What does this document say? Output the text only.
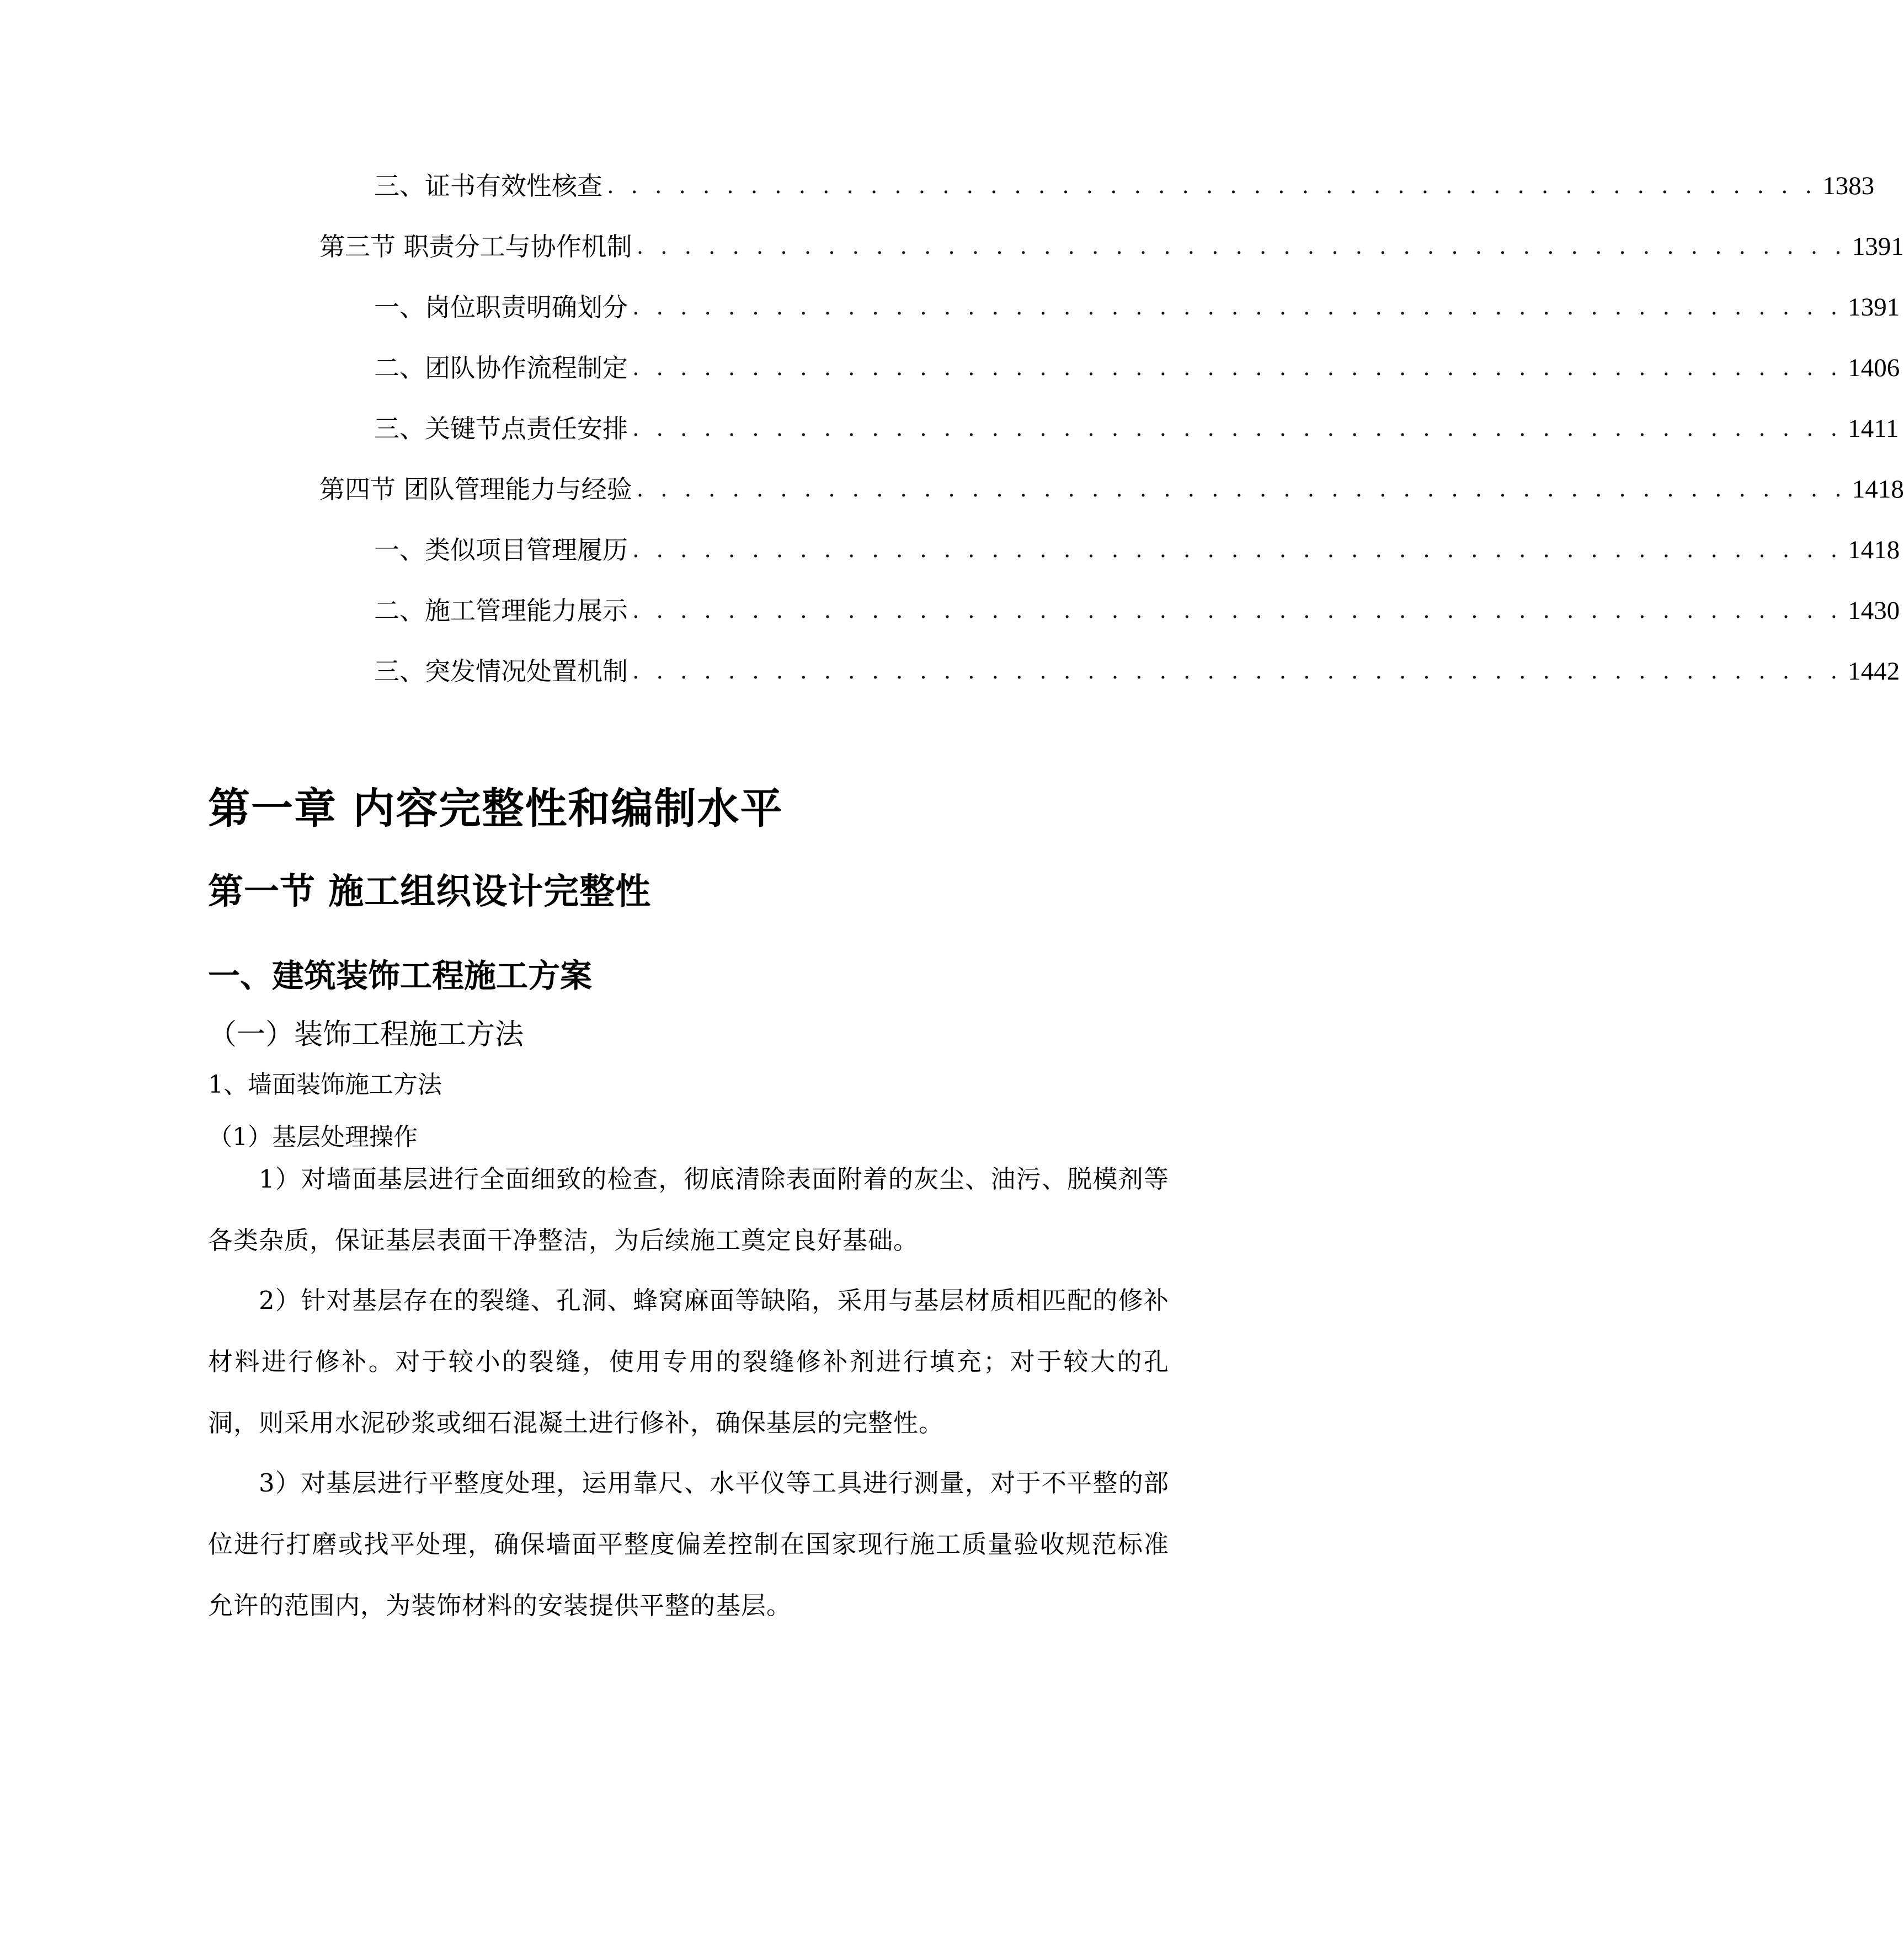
三、 证书有效性核查 . . . . . . . . . . . . . . . . . . . . . . . . . . . . . . . . . . . . . . . . . . . . . . . . . . . 1383
第三节 职责分工与协作机制 . . . . . . . . . . . . . . . . . . . . . . . . . . . . . . . . . . . . . . . . . . . . . . . . . . . 1391
一、 岗位职责明确划分 . . . . . . . . . . . . . . . . . . . . . . . . . . . . . . . . . . . . . . . . . . . . . . . . . . . 1391
二、 团队协作流程制定 . . . . . . . . . . . . . . . . . . . . . . . . . . . . . . . . . . . . . . . . . . . . . . . . . . . 1406
三、 关键节点责任安排 . . . . . . . . . . . . . . . . . . . . . . . . . . . . . . . . . . . . . . . . . . . . . . . . . . . 1411
第四节 团队管理能力与经验 . . . . . . . . . . . . . . . . . . . . . . . . . . . . . . . . . . . . . . . . . . . . . . . . . . . 1418
一、 类似项目管理履历 . . . . . . . . . . . . . . . . . . . . . . . . . . . . . . . . . . . . . . . . . . . . . . . . . . . 1418
二、 施工管理能力展示 . . . . . . . . . . . . . . . . . . . . . . . . . . . . . . . . . . . . . . . . . . . . . . . . . . . 1430
三、 突发情况处置机制 . . . . . . . . . . . . . . . . . . . . . . . . . . . . . . . . . . . . . . . . . . . . . . . . . . . 1442
第一章 内容完整性和编制水平
第一节 施工组织设计完整性
一、建筑装饰工程施工方案
（一）装饰工程施工方法
1、墙面装饰施工方法
（1）基层处理操作

1）对墙面基层进行全面细致的检查，彻底清除表面附着的灰尘、油污、脱模剂等各类杂质，保证基层表面干净整洁，为后续施工奠定良好基础。

2）针对基层存在的裂缝、孔洞、蜂窝麻面等缺陷，采用与基层材质相匹配的修补材料进行修补。对于较小的裂缝，使用专用的裂缝修补剂进行填充；对于较大的孔洞，则采用水泥砂浆或细石混凝土进行修补，确保基层的完整性。

3）对基层进行平整度处理，运用靠尺、水平仪等工具进行测量，对于不平整的部位进行打磨或找平处理，确保墙面平整度偏差控制在国家现行施工质量验收规范标准允许的范围内，为装饰材料的安装提供平整的基层。
